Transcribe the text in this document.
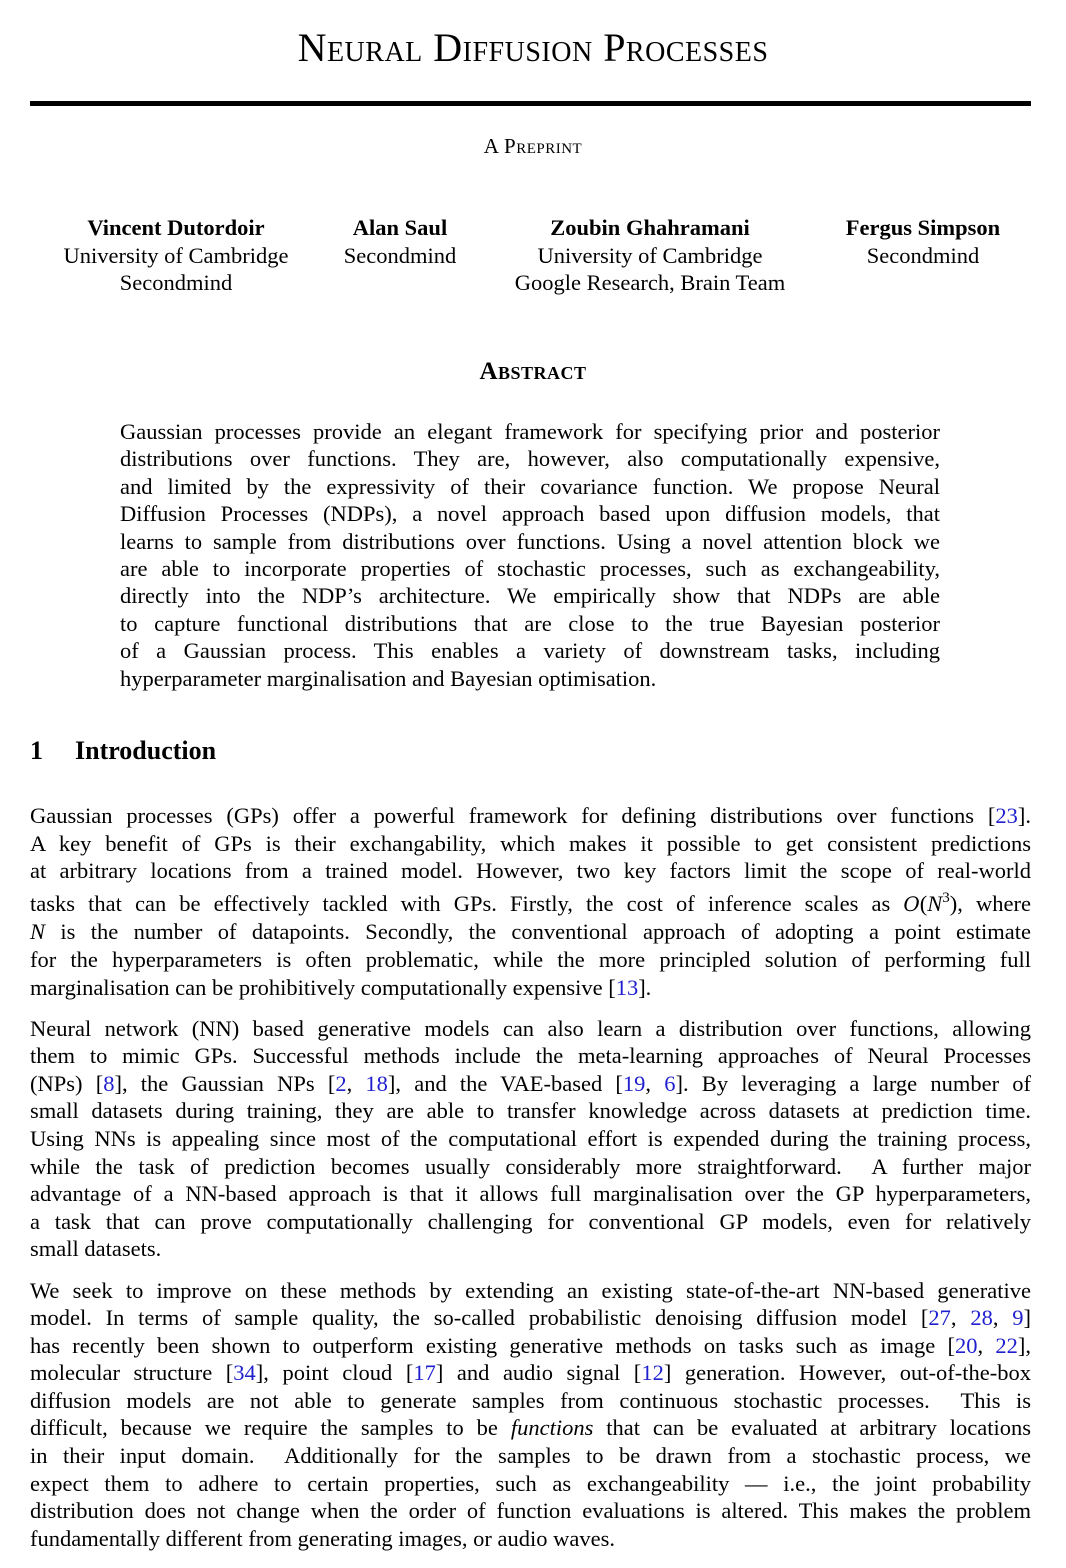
Neural Diffusion Processes
A Preprint
Vincent Dutordoir
University of Cambridge
Secondmind
Alan Saul
Secondmind
Zoubin Ghahramani
University of Cambridge
Google Research, Brain Team
Fergus Simpson
Secondmind
Abstract
Gaussian processes provide an elegant framework for specifying prior and posterior
distributions over functions. They are, however, also computationally expensive,
and limited by the expressivity of their covariance function. We propose Neural
Diffusion Processes (NDPs), a novel approach based upon diffusion models, that
learns to sample from distributions over functions. Using a novel attention block we
are able to incorporate properties of stochastic processes, such as exchangeability,
directly into the NDP’s architecture. We empirically show that NDPs are able
to capture functional distributions that are close to the true Bayesian posterior
of a Gaussian process. This enables a variety of downstream tasks, including
hyperparameter marginalisation and Bayesian optimisation.
1 Introduction
Gaussian processes (GPs) offer a powerful framework for defining distributions over functions [23].
A key benefit of GPs is their exchangability, which makes it possible to get consistent predictions
at arbitrary locations from a trained model. However, two key factors limit the scope of real-world
tasks that can be effectively tackled with GPs. Firstly, the cost of inference scales as $O(N^3)$, where
N is the number of datapoints. Secondly, the conventional approach of adopting a point estimate
for the hyperparameters is often problematic, while the more principled solution of performing full
marginalisation can be prohibitively computationally expensive [13].
Neural network (NN) based generative models can also learn a distribution over functions, allowing
them to mimic GPs. Successful methods include the meta-learning approaches of Neural Processes
(NPs) [8], the Gaussian NPs [2, 18], and the VAE-based [19, 6]. By leveraging a large number of
small datasets during training, they are able to transfer knowledge across datasets at prediction time.
Using NNs is appealing since most of the computational effort is expended during the training process,
while the task of prediction becomes usually considerably more straightforward.  A further major
advantage of a NN-based approach is that it allows full marginalisation over the GP hyperparameters,
a task that can prove computationally challenging for conventional GP models, even for relatively
small datasets.
We seek to improve on these methods by extending an existing state-of-the-art NN-based generative
model. In terms of sample quality, the so-called probabilistic denoising diffusion model [27, 28, 9]
has recently been shown to outperform existing generative methods on tasks such as image [20, 22],
molecular structure [34], point cloud [17] and audio signal [12] generation. However, out-of-the-box
diffusion models are not able to generate samples from continuous stochastic processes.  This is
difficult, because we require the samples to be functions that can be evaluated at arbitrary locations
in their input domain.  Additionally for the samples to be drawn from a stochastic process, we
expect them to adhere to certain properties, such as exchangeability — i.e., the joint probability
distribution does not change when the order of function evaluations is altered. This makes the problem
fundamentally different from generating images, or audio waves.
